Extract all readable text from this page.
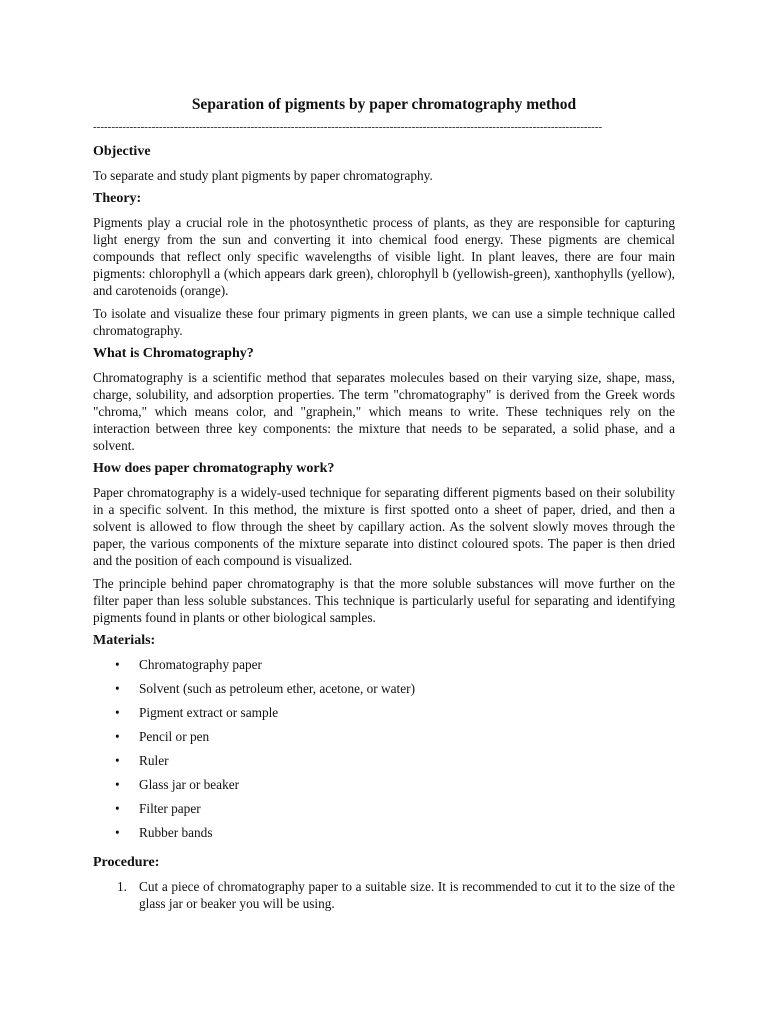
Separation of pigments by paper chromatography method
-------------------------------------------------------------------------------------------------------------------------------------------
Objective

To separate and study plant pigments by paper chromatography.

Theory:

Pigments play a crucial role in the photosynthetic process of plants, as they are responsible for capturing light energy from the sun and converting it into chemical food energy. These pigments are chemical compounds that reflect only specific wavelengths of visible light. In plant leaves, there are four main pigments: chlorophyll a (which appears dark green), chlorophyll b (yellowish-green), xanthophylls (yellow), and carotenoids (orange).

To isolate and visualize these four primary pigments in green plants, we can use a simple technique called chromatography.

What is Chromatography?

Chromatography is a scientific method that separates molecules based on their varying size, shape, mass, charge, solubility, and adsorption properties. The term "chromatography" is derived from the Greek words "chroma," which means color, and "graphein," which means to write. These techniques rely on the interaction between three key components: the mixture that needs to be separated, a solid phase, and a solvent.

How does paper chromatography work?

Paper chromatography is a widely-used technique for separating different pigments based on their solubility in a specific solvent. In this method, the mixture is first spotted onto a sheet of paper, dried, and then a solvent is allowed to flow through the sheet by capillary action. As the solvent slowly moves through the paper, the various components of the mixture separate into distinct coloured spots. The paper is then dried and the position of each compound is visualized.

The principle behind paper chromatography is that the more soluble substances will move further on the filter paper than less soluble substances. This technique is particularly useful for separating and identifying pigments found in plants or other biological samples.

Materials:
• Chromatography paper
• Solvent (such as petroleum ether, acetone, or water)
• Pigment extract or sample
• Pencil or pen
• Ruler
• Glass jar or beaker
• Filter paper
• Rubber bands
Procedure:
1. Cut a piece of chromatography paper to a suitable size. It is recommended to cut it to the size of the glass jar or beaker you will be using.
